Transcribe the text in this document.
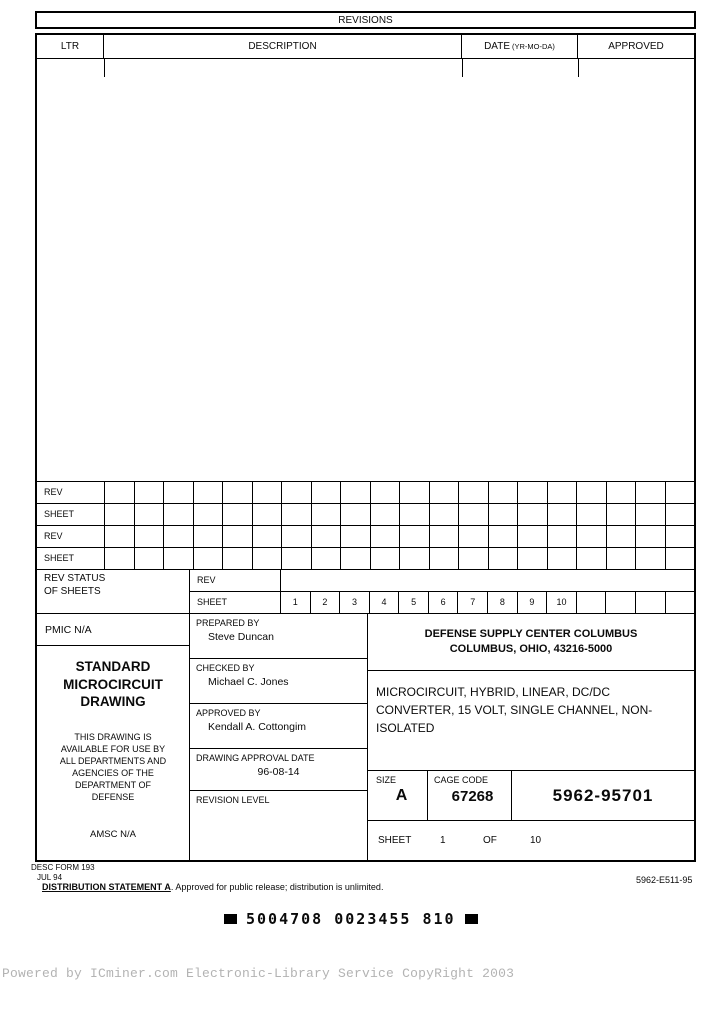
REVISIONS
LTR	DESCRIPTION	DATE (YR-MO-DA)	APPROVED
REV
SHEET
REV
SHEET
REV STATUS
OF SHEETS
REV
SHEET	1	2	3	4	5	6	7	8	9	10
PMIC N/A
STANDARD MICROCIRCUIT DRAWING
THIS DRAWING IS AVAILABLE FOR USE BY ALL DEPARTMENTS AND AGENCIES OF THE DEPARTMENT OF DEFENSE
AMSC N/A
PREPARED BY
Steve Duncan
CHECKED BY
Michael C. Jones
APPROVED BY
Kendall A. Cottongim
DRAWING APPROVAL DATE
96-08-14
REVISION LEVEL
DEFENSE SUPPLY CENTER COLUMBUS
COLUMBUS, OHIO, 43216-5000
MICROCIRCUIT, HYBRID, LINEAR, DC/DC CONVERTER, 15 VOLT, SINGLE CHANNEL, NON-ISOLATED
SIZE
A
CAGE CODE
67268	5962-95701
SHEET	1	OF	10
DESC FORM 193
JUL 94
DISTRIBUTION STATEMENT A. Approved for public release; distribution is unlimited.
5962-E511-95
5004708 0023455 810
Powered by ICminer.com Electronic-Library Service CopyRight 2003
